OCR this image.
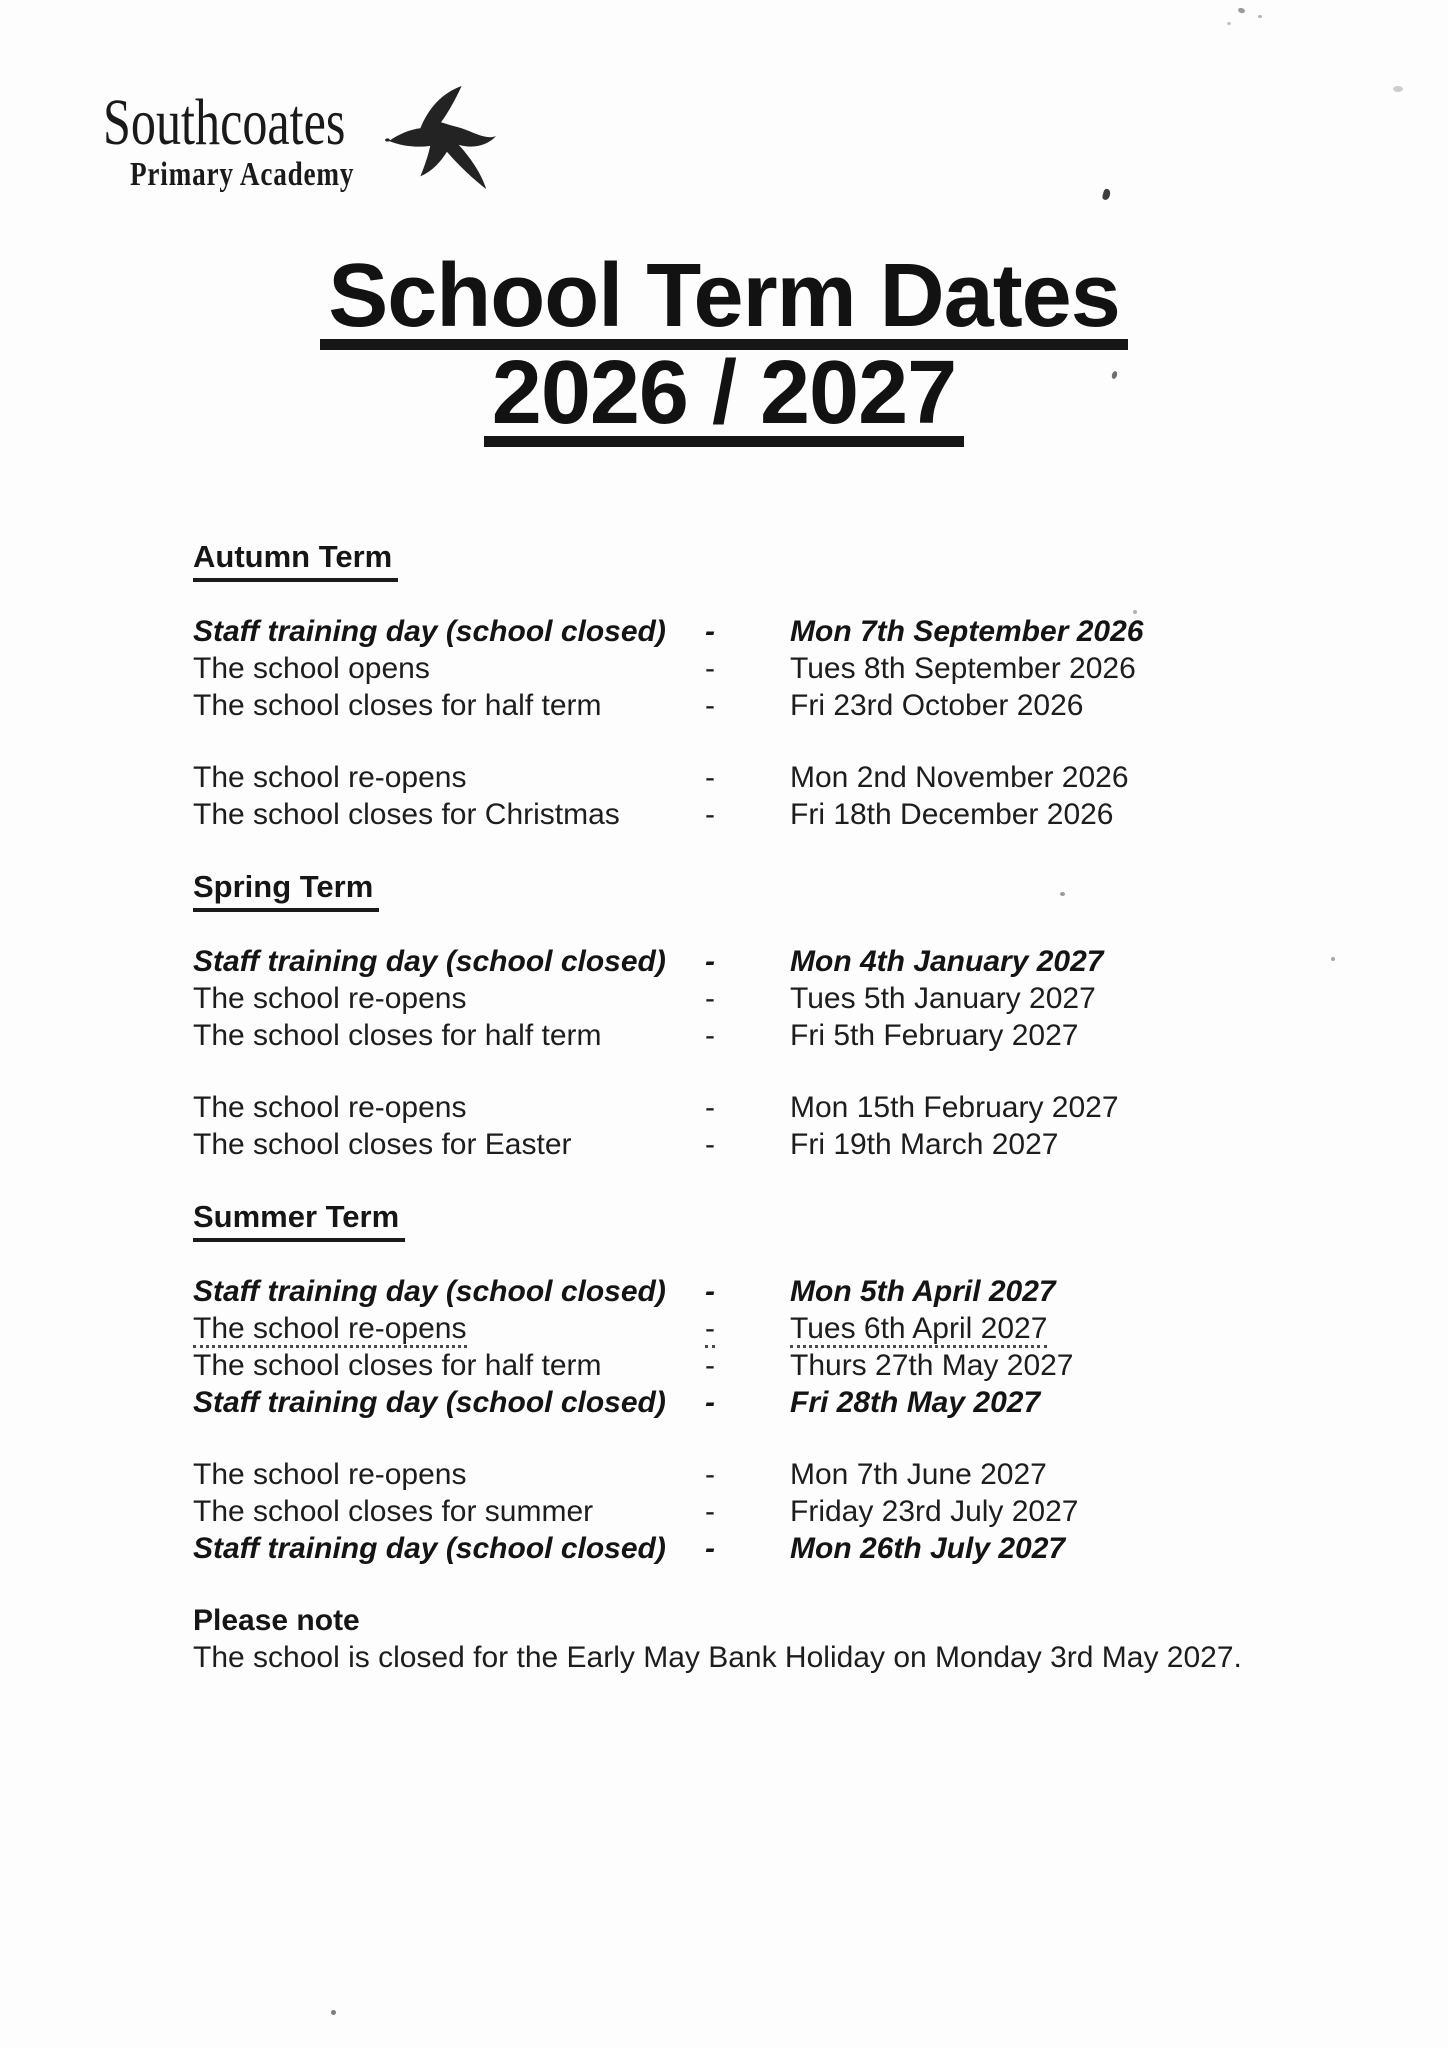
Southcoates
Primary Academy
School Term Dates
2026 / 2027
Autumn Term
Staff training day (school closed)	-	Mon 7th September 2026
The school opens	-	Tues 8th September 2026
The school closes for half term	-	Fri 23rd October 2026
The school re-opens	-	Mon 2nd November 2026
The school closes for Christmas	-	Fri 18th December 2026
Spring Term
Staff training day (school closed)	-	Mon 4th January 2027
The school re-opens	-	Tues 5th January 2027
The school closes for half term	-	Fri 5th February 2027
The school re-opens	-	Mon 15th February 2027
The school closes for Easter	-	Fri 19th March 2027
Summer Term
Staff training day (school closed)	-	Mon 5th April 2027
The school re-opens	-	Tues 6th April 2027
The school closes for half term	-	Thurs 27th May 2027
Staff training day (school closed)	-	Fri 28th May 2027
The school re-opens	-	Mon 7th June 2027
The school closes for summer	-	Friday 23rd July 2027
Staff training day (school closed)	-	Mon 26th July 2027
Please note
The school is closed for the Early May Bank Holiday on Monday 3rd May 2027.
